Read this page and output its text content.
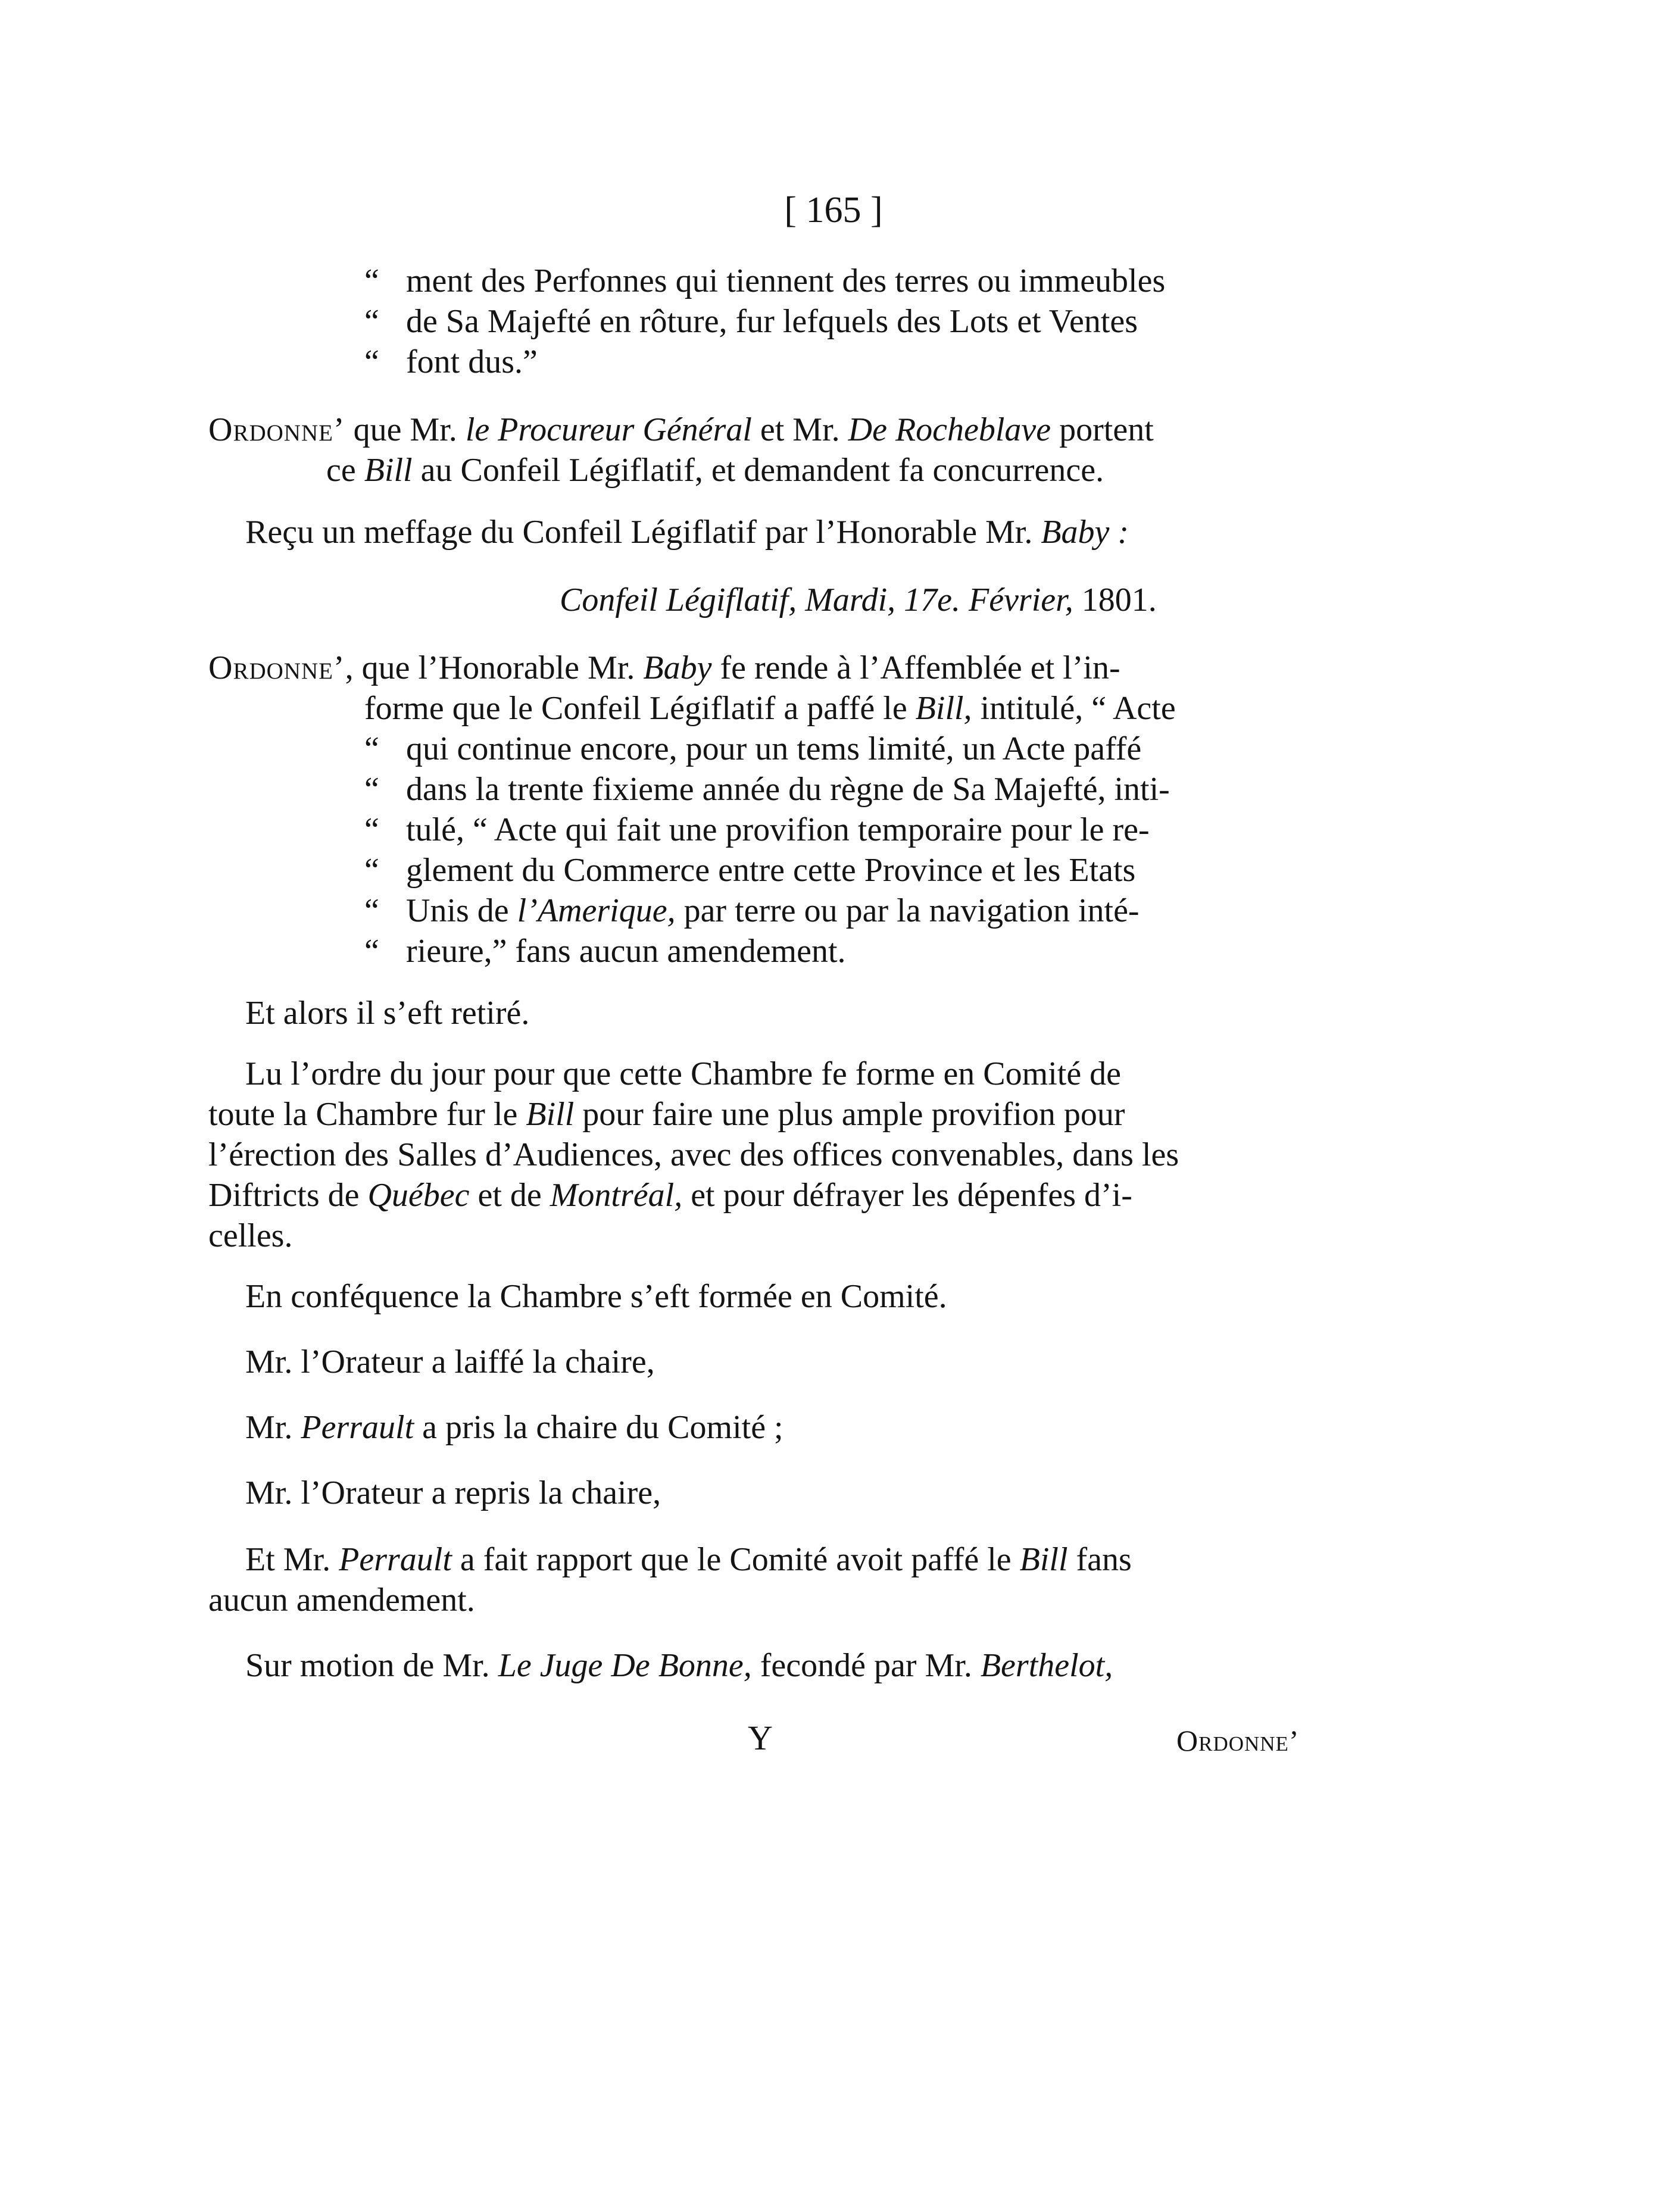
[ 165 ]
“ ment des Perfonnes qui tiennent des terres ou immeubles
“ de Sa Majefté en rôture, fur lefquels des Lots et Ventes
“ font dus.”
Ordonne’ que Mr. le Procureur Général et Mr. De Rocheblave portent
ce Bill au Confeil Légiflatif, et demandent fa concurrence.
Reçu un meffage du Confeil Légiflatif par l’Honorable Mr. Baby :
Confeil Légiflatif, Mardi, 17e. Février, 1801.
Ordonne’, que l’Honorable Mr. Baby fe rende à l’Affemblée et l’in-
forme que le Confeil Légiflatif a paffé le Bill, intitulé, “ Acte
“ qui continue encore, pour un tems limité, un Acte paffé
“ dans la trente fixieme année du règne de Sa Majefté, inti-
“ tulé, “ Acte qui fait une provifion temporaire pour le re-
“ glement du Commerce entre cette Province et les Etats
“ Unis de l’Amerique, par terre ou par la navigation inté-
“ rieure,” fans aucun amendement.
Et alors il s’eft retiré.
Lu l’ordre du jour pour que cette Chambre fe forme en Comité de
toute la Chambre fur le Bill pour faire une plus ample provifion pour
l’érection des Salles d’Audiences, avec des offices convenables, dans les
Diftricts de Québec et de Montréal, et pour défrayer les dépenfes d’i-
celles.
En conféquence la Chambre s’eft formée en Comité.
Mr. l’Orateur a laiffé la chaire,
Mr. Perrault a pris la chaire du Comité ;
Mr. l’Orateur a repris la chaire,
Et Mr. Perrault a fait rapport que le Comité avoit paffé le Bill fans
aucun amendement.
Sur motion de Mr. Le Juge De Bonne, fecondé par Mr. Berthelot,
Y	Ordonne’
